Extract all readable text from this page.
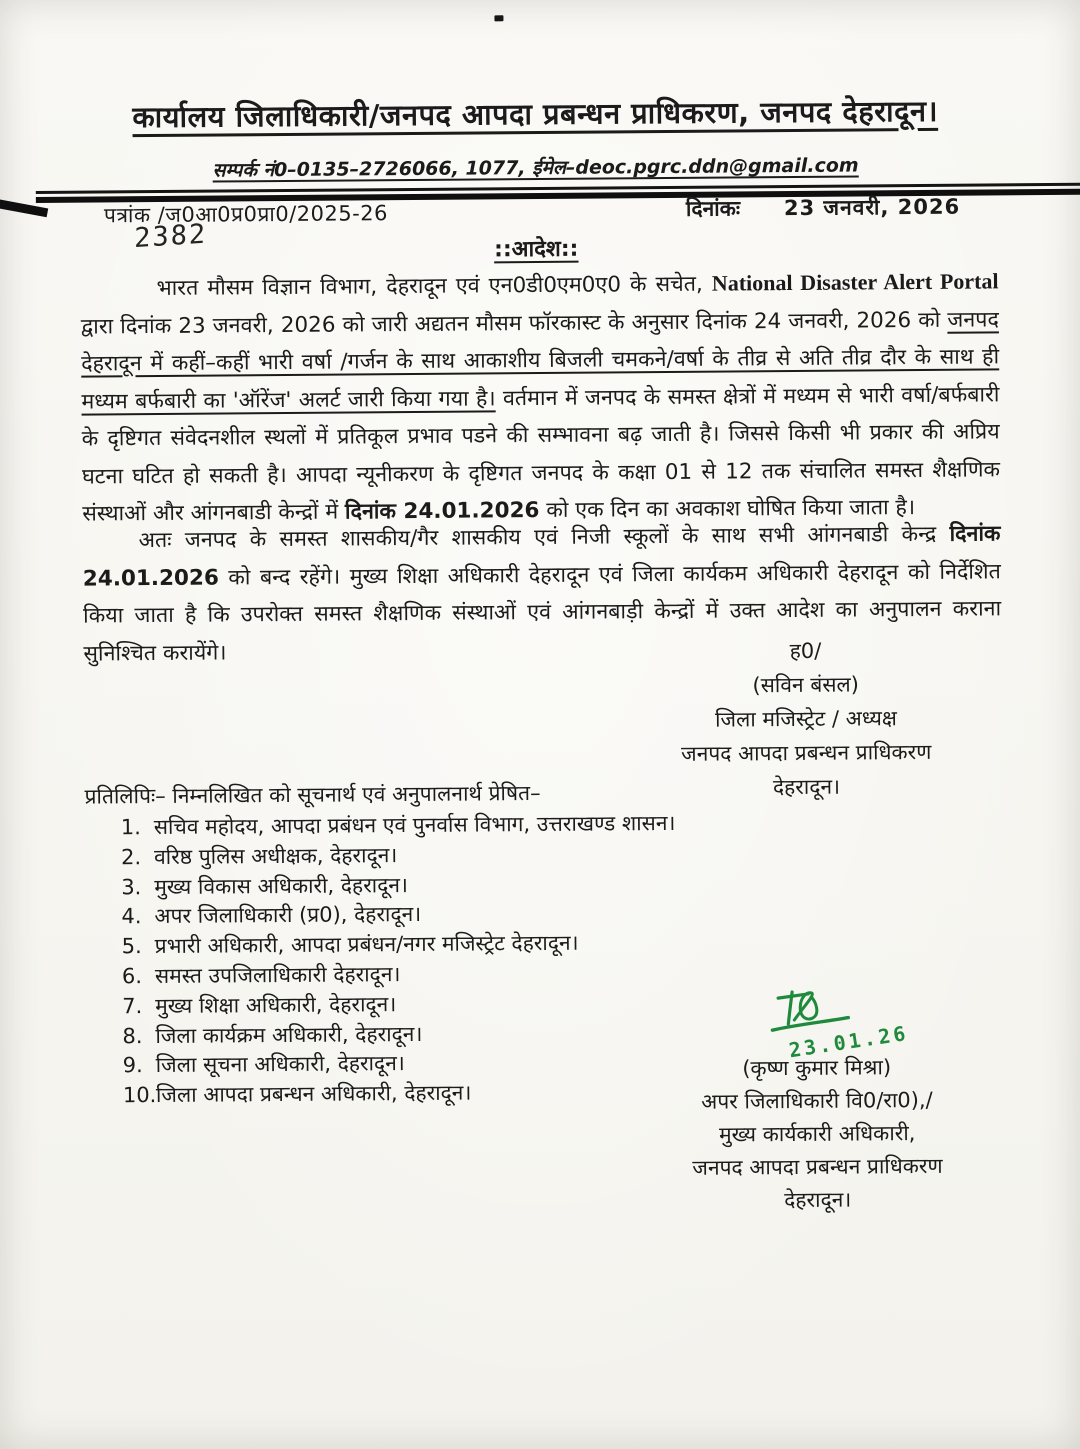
कार्यालय जिलाधिकारी/जनपद आपदा प्रबन्धन प्राधिकरण, जनपद देहरादून।
सम्पर्क नं0–0135–2726066, 1077, ईमेल–deoc.pgrc.ddn@gmail.com
पत्रांक /ज0आ0प्र0प्रा0/2025-26	दिनांकः 23 जनवरी, 2026
2382	::आदेश::

भारत मौसम विज्ञान विभाग, देहरादून एवं एन0डी0एम0ए0 के सचेत, National Disaster Alert Portal द्वारा दिनांक 23 जनवरी, 2026 को जारी अद्यतन मौसम फॉरकास्ट के अनुसार दिनांक 24 जनवरी, 2026 को जनपद देहरादून में कहीं–कहीं भारी वर्षा /गर्जन के साथ आकाशीय बिजली चमकने/वर्षा के तीव्र से अति तीव्र दौर के साथ ही मध्यम बर्फबारी का 'ऑरेंज' अलर्ट जारी किया गया है। वर्तमान में जनपद के समस्त क्षेत्रों में मध्यम से भारी वर्षा/बर्फबारी के दृष्टिगत संवेदनशील स्थलों में प्रतिकूल प्रभाव पडने की सम्भावना बढ़ जाती है। जिससे किसी भी प्रकार की अप्रिय घटना घटित हो सकती है। आपदा न्यूनीकरण के दृष्टिगत जनपद के कक्षा 01 से 12 तक संचालित समस्त शैक्षणिक संस्थाओं और आंगनबाडी केन्द्रों में दिनांक 24.01.2026 को एक दिन का अवकाश घोषित किया जाता है।

अतः जनपद के समस्त शासकीय/गैर शासकीय एवं निजी स्कूलों के साथ सभी आंगनबाडी केन्द्र दिनांक 24.01.2026 को बन्द रहेंगे। मुख्य शिक्षा अधिकारी देहरादून एवं जिला कार्यकम अधिकारी देहरादून को निर्देशित किया जाता है कि उपरोक्त समस्त शैक्षणिक संस्थाओं एवं आंगनबाड़ी केन्द्रों में उक्त आदेश का अनुपालन कराना सुनिश्चित करायेंगे।	ह0/
(सविन बंसल)
जिला मजिस्ट्रेट / अध्यक्ष
जनपद आपदा प्रबन्धन प्राधिकरण
देहरादून।
प्रतिलिपिः– निम्नलिखित को सूचनार्थ एवं अनुपालनार्थ प्रेषित–
1. सचिव महोदय, आपदा प्रबंधन एवं पुनर्वास विभाग, उत्तराखण्ड शासन।
2. वरिष्ठ पुलिस अधीक्षक, देहरादून।
3. मुख्य विकास अधिकारी, देहरादून।
4. अपर जिलाधिकारी (प्र0), देहरादून।
5. प्रभारी अधिकारी, आपदा प्रबंधन/नगर मजिस्ट्रेट देहरादून।
6. समस्त उपजिलाधिकारी देहरादून।
7. मुख्य शिक्षा अधिकारी, देहरादून।
8. जिला कार्यक्रम अधिकारी, देहरादून।
9. जिला सूचना अधिकारी, देहरादून।
10. जिला आपदा प्रबन्धन अधिकारी, देहरादून।
23.01.26
(कृष्ण कुमार मिश्रा)
अपर जिलाधिकारी वि0/रा0),/
मुख्य कार्यकारी अधिकारी,
जनपद आपदा प्रबन्धन प्राधिकरण
देहरादून।
